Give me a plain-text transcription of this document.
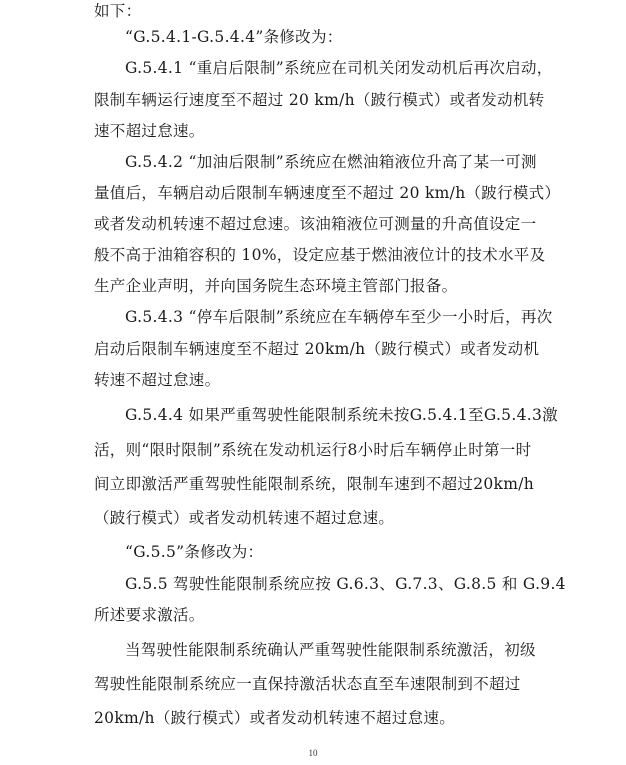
如下：
“G.5.4.1-G.5.4.4”条修改为：
G.5.4.1 “重启后限制”系统应在司机关闭发动机后再次启动，
限制车辆运行速度至不超过 20 km/h（跛行模式）或者发动机转
速不超过怠速。
G.5.4.2 “加油后限制”系统应在燃油箱液位升高了某一可测
量值后，车辆启动后限制车辆速度至不超过 20 km/h（跛行模式）
或者发动机转速不超过怠速。该油箱液位可测量的升高值设定一
般不高于油箱容积的 10%，设定应基于燃油液位计的技术水平及
生产企业声明，并向国务院生态环境主管部门报备。
G.5.4.3 “停车后限制”系统应在车辆停车至少一小时后，再次
启动后限制车辆速度至不超过 20km/h（跛行模式）或者发动机
转速不超过怠速。
G.5.4.4 如果严重驾驶性能限制系统未按G.5.4.1至G.5.4.3激
活，则“限时限制”系统在发动机运行8小时后车辆停止时第一时
间立即激活严重驾驶性能限制系统，限制车速到不超过20km/h
（跛行模式）或者发动机转速不超过怠速。
“G.5.5”条修改为：
G.5.5 驾驶性能限制系统应按 G.6.3、G.7.3、G.8.5 和 G.9.4
所述要求激活。
当驾驶性能限制系统确认严重驾驶性能限制系统激活，初级
驾驶性能限制系统应一直保持激活状态直至车速限制到不超过
20km/h（跛行模式）或者发动机转速不超过怠速。
10
